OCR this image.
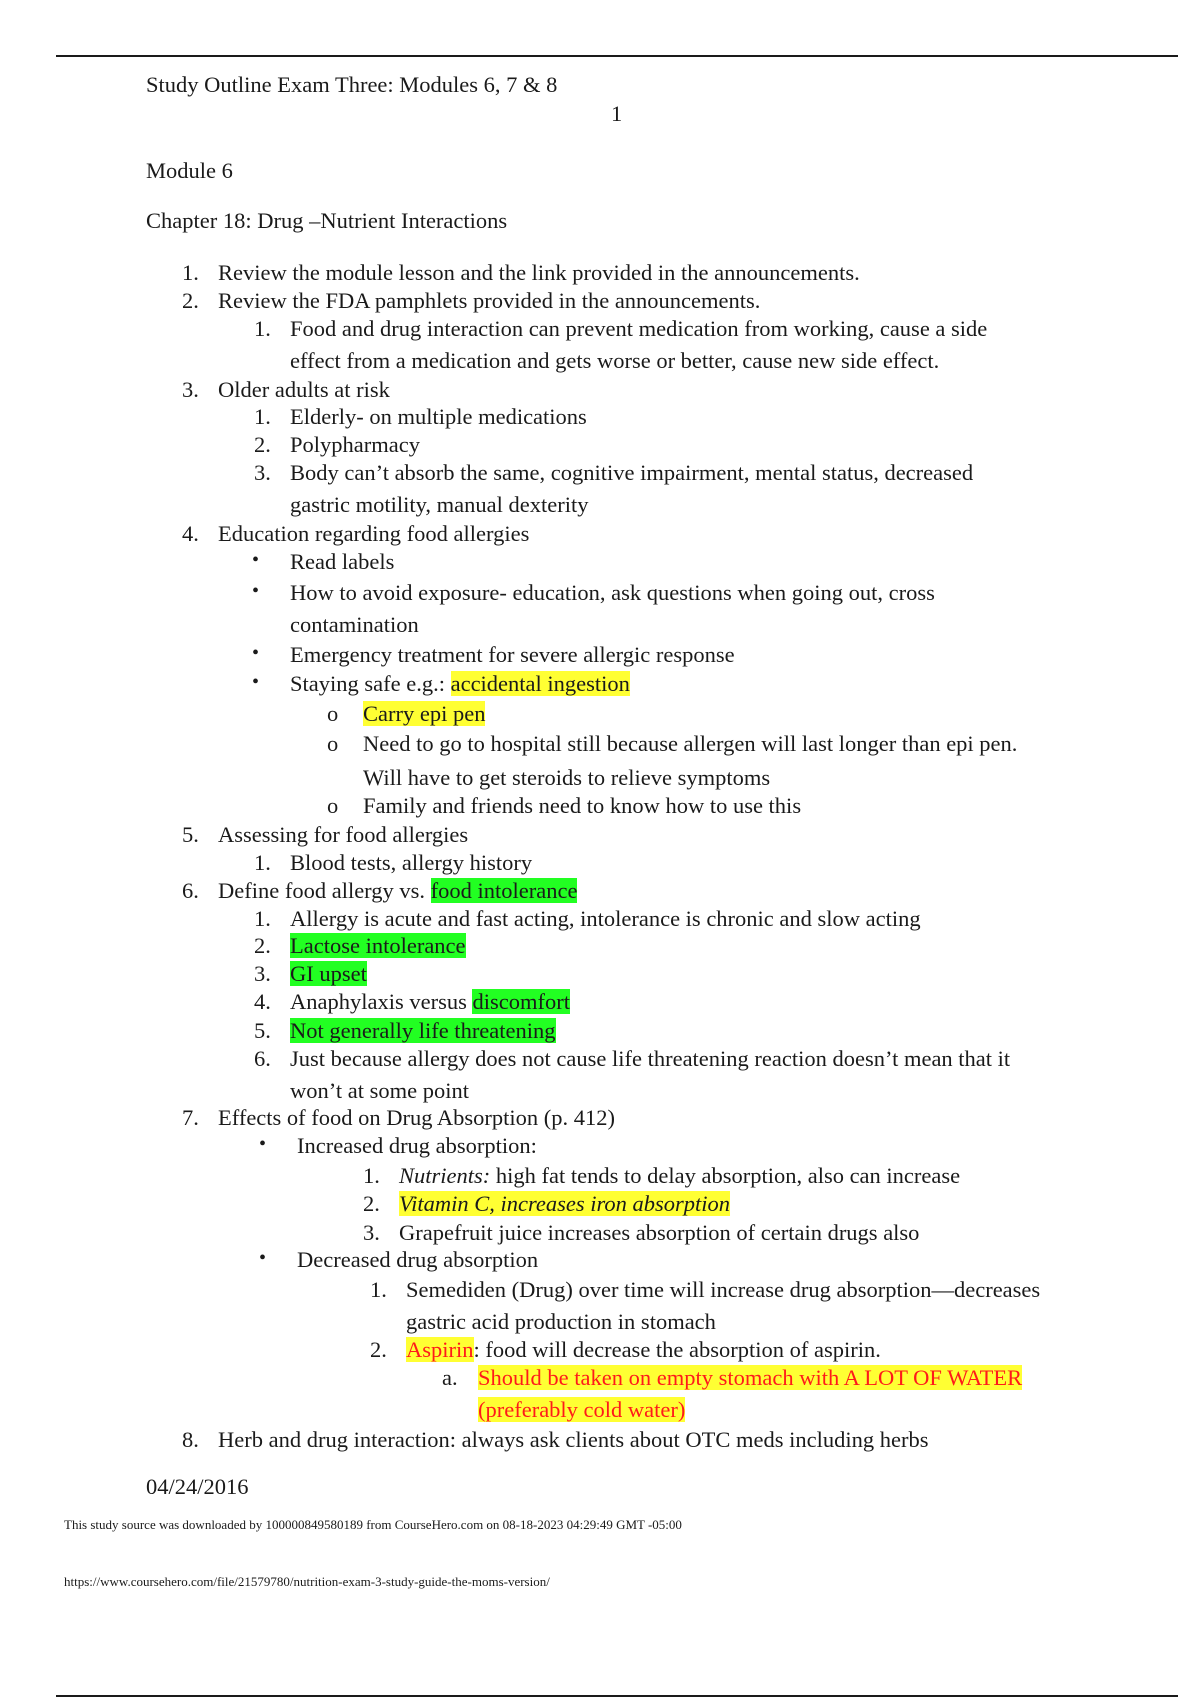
Study Outline Exam Three: Modules 6, 7 & 8
1
Module 6
Chapter 18: Drug –Nutrient Interactions
1. Review the module lesson and the link provided in the announcements.
2. Review the FDA pamphlets provided in the announcements.
1. Food and drug interaction can prevent medication from working, cause a side
effect from a medication and gets worse or better, cause new side effect.
3. Older adults at risk
1. Elderly- on multiple medications
2. Polypharmacy
3. Body can’t absorb the same, cognitive impairment, mental status, decreased
gastric motility, manual dexterity
4. Education regarding food allergies
• Read labels
• How to avoid exposure- education, ask questions when going out, cross
contamination
• Emergency treatment for severe allergic response
• Staying safe e.g.: accidental ingestion
o Carry epi pen
o Need to go to hospital still because allergen will last longer than epi pen.
Will have to get steroids to relieve symptoms
o Family and friends need to know how to use this
5. Assessing for food allergies
1. Blood tests, allergy history
6. Define food allergy vs. food intolerance
1. Allergy is acute and fast acting, intolerance is chronic and slow acting
2. Lactose intolerance
3. GI upset
4. Anaphylaxis versus discomfort
5. Not generally life threatening
6. Just because allergy does not cause life threatening reaction doesn’t mean that it
won’t at some point
7. Effects of food on Drug Absorption (p. 412)
• Increased drug absorption:
1. Nutrients: high fat tends to delay absorption, also can increase
2. Vitamin C, increases iron absorption
3. Grapefruit juice increases absorption of certain drugs also
• Decreased drug absorption
1. Semediden (Drug) over time will increase drug absorption—decreases
gastric acid production in stomach
2. Aspirin: food will decrease the absorption of aspirin.
a. Should be taken on empty stomach with A LOT OF WATER
(preferably cold water)
8. Herb and drug interaction: always ask clients about OTC meds including herbs
04/24/2016
This study source was downloaded by 100000849580189 from CourseHero.com on 08-18-2023 04:29:49 GMT -05:00
https://www.coursehero.com/file/21579780/nutrition-exam-3-study-guide-the-moms-version/
